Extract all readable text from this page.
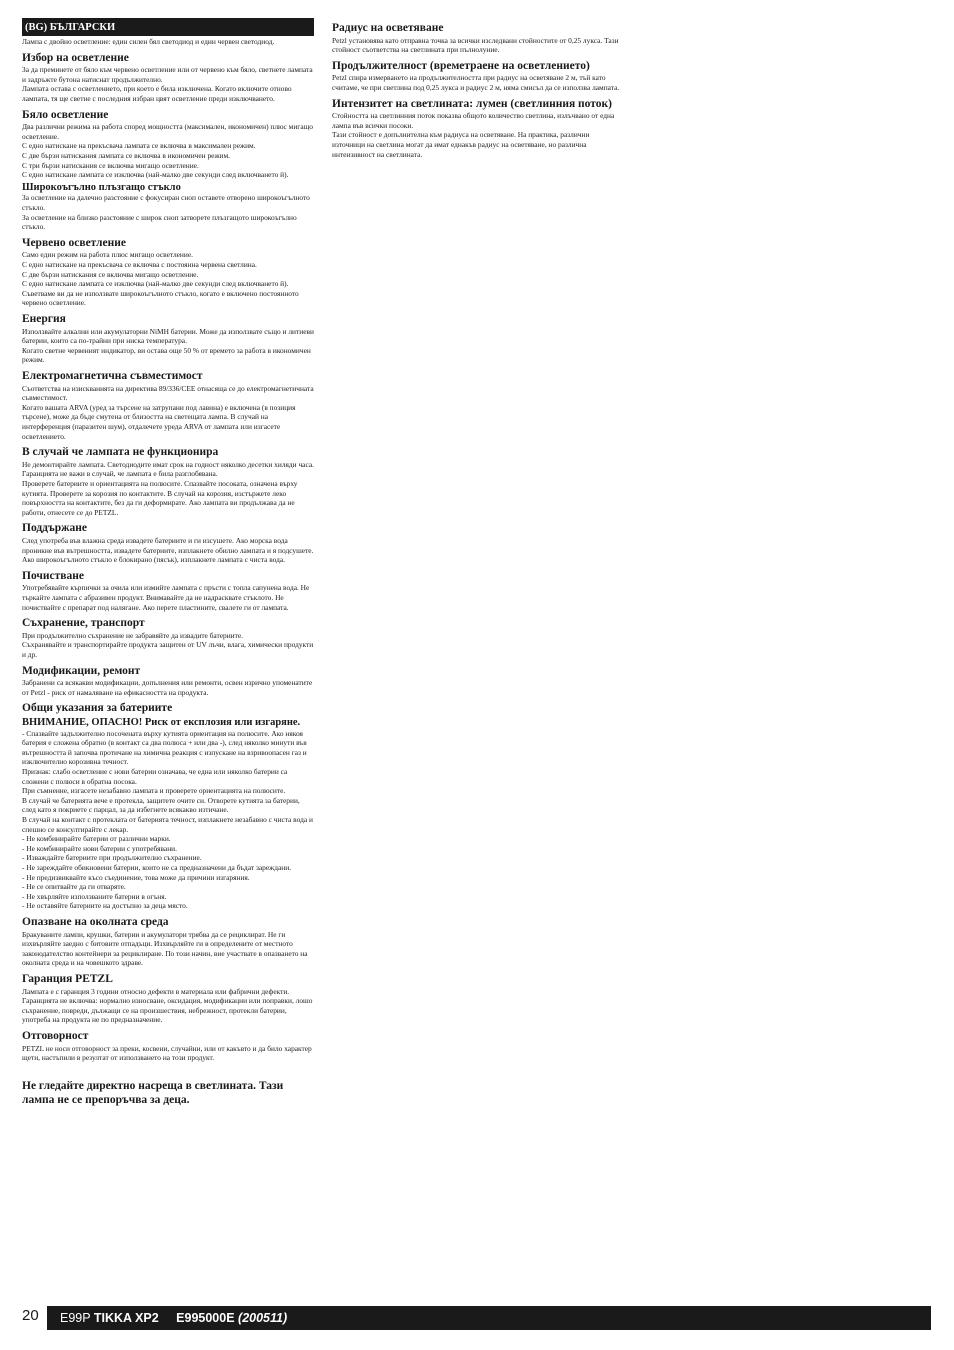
(BG) БЪЛГАРСКИ

Лампа с двойно осветление: един силен бял светодиод и един червен светодиод.

Избор на осветление

За да преминете от бяло към червено осветление или от червено към бяло, светнете лампата и задръжте бутона натиснат продължително.
Лампата остава с осветлението, при което е била изключена. Когато включите отново лампата, тя ще светне с последния избран цвят осветление преди изключването.

Бяло осветление

Два различни режима на работа според мощността (максимален, икономичен) плюс мигащо осветление.
С едно натискане на прекъсвача лампата се включва в максимален режим.
С две бързи натискания лампата се включва в икономичен режим.
С три бързи натискания се включва мигащо осветление.
С едно натискане лампата се изключва (най-малко две секунди след включването й).

Широкоъгълно плъзгащо стъкло

За осветление на далечно разстояние с фокусиран сноп оставете отворено широкоъгълното стъкло.
За осветление на близко разстояние с широк сноп затворете плъзгащото широкоъгълно стъкло.

Червено осветление

Само един режим на работа плюс мигащо осветление.
С едно натискане на прекъсвача се включва с постоянна червена светлина.
С две бързи натискания се включва мигащо осветление.
С едно натискане лампата се изключва (най-малко две секунди след включването й).
Съветваме ви да не използвате широкоъгълното стъкло, когато е включено постоянното червено осветление.

Енергия

Използвайте алкални или акумулаторни NiMH батерии. Може да използвате също и литиеви батерии, които са по-трайни при ниска температура.
Когато светне червеният индикатор, ви остава още 50 % от времето за работа в икономичен режим.

Електромагнетична съвместимост

Съответства на изискванията на директива 89/336/CEE отнасяща се до електромагнетичната съвместимост.
Когато вашата ARVA (уред за търсене на затрупани под лавина) е включена (в позиция търсене), може да бъде смутена от близостта на светещата лампа. В случай на интерференция (паразитен шум), отдалечете уреда ARVA от лампата или изгасете осветлението.

В случай че лампата не функционира

Не демонтирайте лампата. Светодиодите имат срок на годност няколко десетки хиляди часа. Гаранцията не важи в случай, че лампата е била разглобявана.
Проверете батериите и ориентацията на полюсите. Спазвайте посоката, означена върху кутията. Проверете за корозия по контактите. В случай на корозия, изстържете леко повърхността на контактите, без да ги деформирате. Ако лампата ви продължава да не работи, отнесете се до PETZL.

Поддържане

След употреба във влажна среда извадете батериите и ги изсушете. Ако морска вода проникне във вътрешността, извадете батериите, изплакнете обилно лампата и я подсушете.
Ако широкоъгълното стъкло е блокирано (пясък), изплакнете лампата с чиста вода.

Почистване

Употребявайте кърпички за очила или измийте лампата с пръсти с топла сапунена вода. Не търкайте лампата с абразивен продукт. Внимавайте да не надрасквате стъклото. Не почиствайте с препарат под налягане. Ако перете пластините, свалете ги от лампата.

Съхранение, транспорт

При продължително съхранение не забравяйте да извадите батериите.
Съхранявайте и транспортирайте продукта защитен от UV лъчи, влага, химически продукти и др.

Модификации, ремонт

Забранени са всякакви модификации, допълнения или ремонти, освен изрично упоменатите от Petzl - риск от намаляване на ефикасността на продукта.

Общи указания за батериите
ВНИМАНИЕ, ОПАСНО! Риск от експлозия или изгаряне.

- Спазвайте задължително посочената върху кутията ориентация на полюсите. Ако някоя батерия е сложена обратно (в контакт са два полюса + или два -), след няколко минути във вътрешността й започва протичане на химична реакция с изпускане на взривоопасен газ и изключително корозивна течност.
Признак: слабо осветление с нови батерии означава, че една или няколко батерии са сложени с полюси в обратна посока.
При съмнение, изгасете незабавно лампата и проверете ориентацията на полюсите.
В случай че батерията вече е протекла, защитете очите си. Отворете кутията за батерии, след като я покриете с парцал, за да избегнете всякакво изтичане.
В случай на контакт с протеклата от батерията течност, изплакнете незабавно с чиста вода и спешно се консултирайте с лекар.
- Не комбинирайте батерии от различни марки.
- Не комбинирайте нови батерии с употребявани.
- Изваждайте батериите при продължително съхранение.
- Не зареждайте обикновени батерии, които не са предназначени да бъдат зареждани.
- Не предизвиквайте късо съединение, това може да причини изгаряния.
- Не се опитвайте да ги отваряте.
- Не хвърляйте използваните батерии в огъня.
- Не оставяйте батериите на достъпно за деца място.

Опазване на околната среда

Бракуваните лампи, крушки, батерии и акумулатори трябва да се рециклират. Не ги изхвърляйте заедно с битовите отпадъци. Изхвърляйте ги в определените от местното законодателство контейнери за рециклиране. По този начин, вие участвате в опазването на околната среда и на човешкото здраве.

Гаранция PETZL

Лампата е с гаранция 3 години относно дефекти в материала или фабрични дефекти. Гаранцията не включва: нормално износване, оксидация, модификации или поправки, лошо съхранение, повреди, дължащи се на произшествия, небрежност, протекли батерии, употреба на продукта не по предназначение.

Отговорност

PETZL не носи отговорност за преки, косвени, случайни, или от какъвто и да било характер щети, настъпили в резултат от използването на този продукт.

Не гледайте директно насреща в светлината. Тази лампа не се препоръчва за деца.
Радиус на осветяване

Petzl установява като отправна точка за всички изследвани стойностите от 0,25 лукса. Тази стойност съответства на светлината при пълнолуние.

Продължителност (времетраене на осветлението)

Petzl спира измерването на продължителността при радиус на осветяване 2 м, тъй като считаме, че при светлина под 0,25 лукса и радиус 2 м, няма смисъл да се използва лампата.

Интензитет на светлината: лумен (светлинния поток)

Стойността на светлинния поток показва общото количество светлина, излъчвано от една лампа във всички посоки.
Тази стойност е допълнителна към радиуса на осветяване. На практика, различни източници на светлина могат да имат еднакъв радиус на осветяване, но различна интензивност на светлината.

20	E99P TIKKA XP2 E995000E (200511)
